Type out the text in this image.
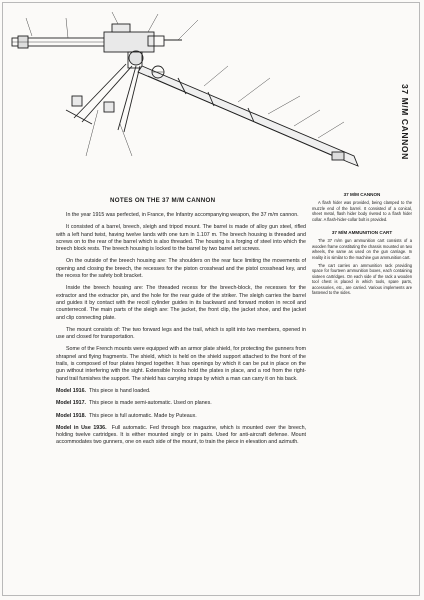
37 M/M CANNON
NOTES ON THE 37 M/M CANNON

In the year 1915 was perfected, in France, the Infantry accompanying weapon, the 37 m/m cannon.

It consisted of a barrel, breech, sleigh and tripod mount. The barrel is made of alloy gun steel, rifled with a left hand twist, having twelve lands with one turn in 1.107 m. The breech housing is threaded and screws on to the rear of the barrel which is also threaded. The housing is a forging of steel into which the breech block rests. The breech housing is locked to the barrel by two barrel set screws.

On the outside of the breech housing are: The shoulders on the rear face limiting the movements of opening and closing the breech, the recesses for the piston crosshead and the pistol crosshead key, and the recess for the safety bolt bracket.

Inside the breech housing are: The threaded recess for the breech-block, the recesses for the extractor and the extractor pin, and the hole for the rear guide of the striker. The sleigh carries the barrel and guides it by contact with the recoil cylinder guides in its backward and forward motion in recoil and counterrecoil. The main parts of the sleigh are: The jacket, the front clip, the jacket shoe, and the jacket and clip connecting plate.

The mount consists of: The two forward legs and the trail, which is split into two members, opened in use and closed for transportation.

Some of the French mounts were equipped with an armor plate shield, for protecting the gunners from shrapnel and flying fragments. The shield, which is held on the shield support attached to the front of the trails, is composed of four plates hinged together. It has openings by which it can be put in place on the gun without interfering with the sight. Extensible hooks hold the plates in place, and a rod from the right-hand trail furnishes the support. The shield has carrying straps by which a man can carry it on his back.

Model 1916. This piece is hand loaded.

Model 1917. This piece is made semi-automatic. Used on planes.

Model 1918. This piece is full automatic. Made by Puteaux.

Model in Use 1936. Full automatic. Fed through box magazine, which is mounted over the breech, holding twelve cartridges. It is either mounted singly or in pairs. Used for anti-aircraft defense. Mount accommodates two gunners, one on each side of the mount, to train the piece in elevation and azimuth.

37 M/M CANNON

A flash hider was provided, being clamped to the muzzle end of the barrel. It consisted of a conical, sheet metal, flash hider body riveted to a flash hider collar. A flash-hider-collar bolt is provided.

37 M/M AMMUNITION CART

The 37 m/m gun ammunition cart consists of a wooden frame constituting the chassis mounted on two wheels, the same as used on the gun carriage. In reality it is similar to the machine gun ammunition cart.

The cart carries an ammunition rack providing space for fourteen ammunition boxes, each containing sixteen cartridges. On each side of the rack a wooden tool chest is placed in which tools, spare parts, accessories, etc., are carried. Various implements are fastened to the sides.
